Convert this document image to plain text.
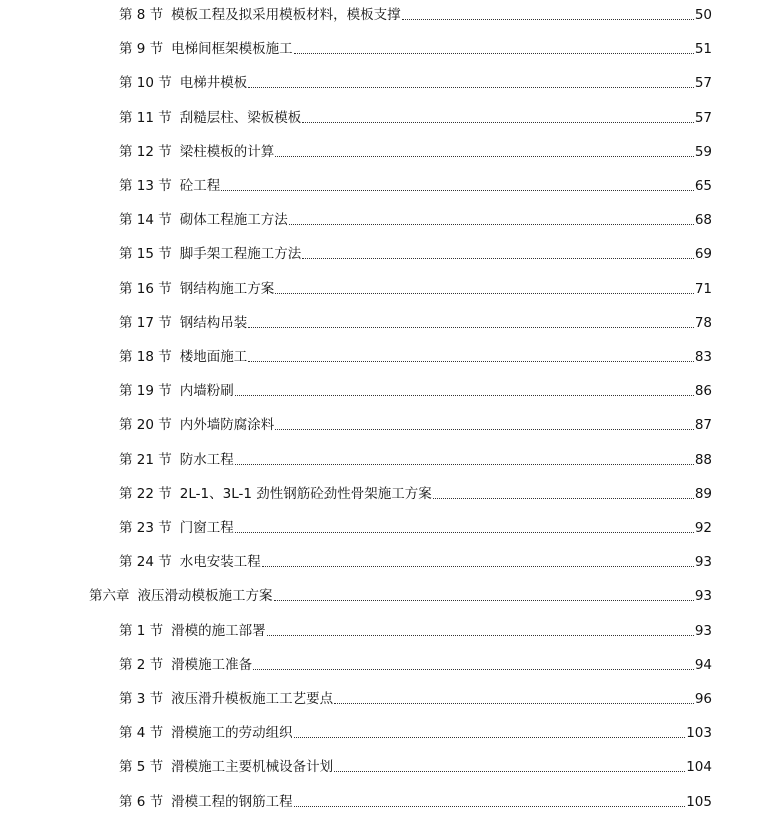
第 8 节 模板工程及拟采用模板材料，模板支撑	50
第 9 节 电梯间框架模板施工	51
第 10 节 电梯井模板	57
第 11 节 刮糙层柱、梁板模板	57
第 12 节 梁柱模板的计算	59
第 13 节 砼工程	65
第 14 节 砌体工程施工方法	68
第 15 节 脚手架工程施工方法	69
第 16 节 钢结构施工方案	71
第 17 节 钢结构吊装	78
第 18 节 楼地面施工	83
第 19 节 内墙粉刷	86
第 20 节 内外墙防腐涂料	87
第 21 节 防水工程	88
第 22 节 2L-1、3L-1 劲性钢筋砼劲性骨架施工方案	89
第 23 节 门窗工程	92
第 24 节 水电安装工程	93
第六章 液压滑动模板施工方案	93
第 1 节 滑模的施工部署	93
第 2 节 滑模施工准备	94
第 3 节 液压滑升模板施工工艺要点	96
第 4 节 滑模施工的劳动组织	103
第 5 节 滑模施工主要机械设备计划	104
第 6 节 滑模工程的钢筋工程	105
